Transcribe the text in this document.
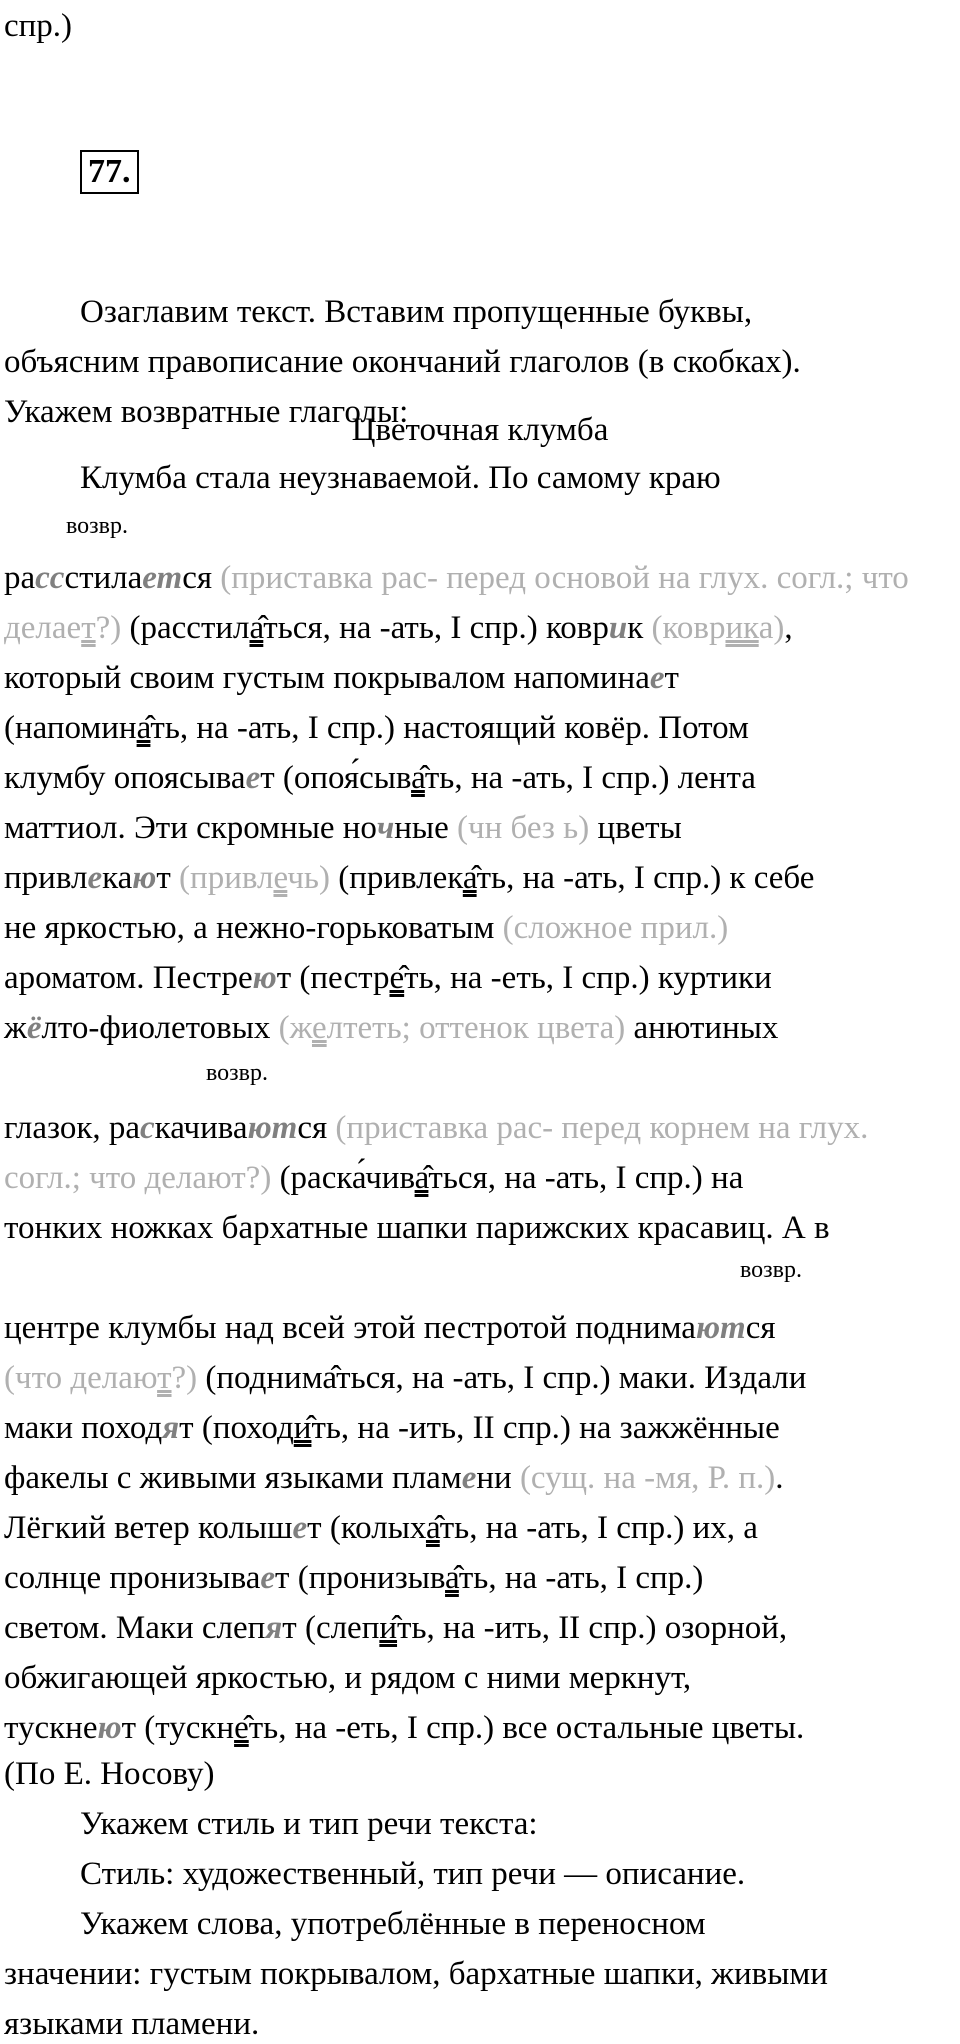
спр.)
77.
Озаглавим текст. Вставим пропущенные буквы,
объясним правописание окончаний глаголов (в скобках).
Укажем возвратные глаголы:
Цветочная клумба
возвр.
возвр.
возвр.
Клумба стала неузнаваемой. По самому краю
рассстилается (приставка рас- перед основой на глух. согл.; что
делает?) (расстила̂ться, на -ать, I спр.) коврик (коврика),
который своим густым покрывалом напоминает
(напомина̂ть, на -ать, I спр.) настоящий ковёр. Потом
клумбу опоясывает (опоя́сыва̂ть, на -ать, I спр.) лента
маттиол. Эти скромные ночные (чн без ь) цветы
привлекают (привлечь) (привлека̂ть, на -ать, I спр.) к себе
не яркостью, а нежно-горьковатым (сложное прил.)
ароматом. Пестреют (пестре̂ть, на -еть, I спр.) куртики
жёлто-фиолетовых (желтеть; оттенок цвета) анютиных
глазок, раскачиваются (приставка рас- перед корнем на глух.
согл.; что делают?) (раска́чива̂ться, на -ать, I спр.) на
тонких ножках бархатные шапки парижских красавиц. А в
центре клумбы над всей этой пестротой поднимаются
(что делают?) (поднима̂ться, на -ать, I спр.) маки. Издали
маки походят (походи̂ть, на -ить, II спр.) на зажжённые
факелы с живыми языками пламени (сущ. на -мя, Р. п.).
Лёгкий ветер колышет (колыха̂ть, на -ать, I спр.) их, а
солнце пронизывает (пронизыва̂ть, на -ать, I спр.)
светом. Маки слепят (слепи̂ть, на -ить, II спр.) озорной,
обжигающей яркостью, и рядом с ними меркнут,
тускнеют (тускне̂ть, на -еть, I спр.) все остальные цветы.
(По Е. Носову)
Укажем стиль и тип речи текста:
Стиль: художественный, тип речи — описание.
Укажем слова, употреблённые в переносном
значении: густым покрывалом, бархатные шапки, живыми
языками пламени.
